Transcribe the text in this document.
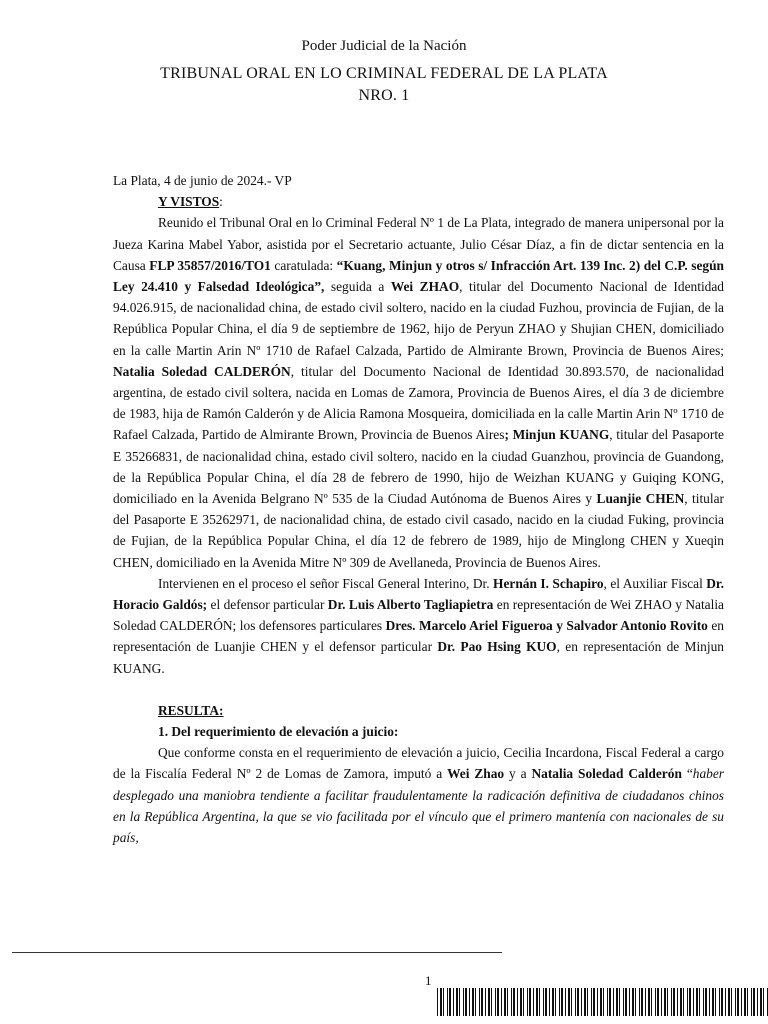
Poder Judicial de la Nación
TRIBUNAL ORAL EN LO CRIMINAL FEDERAL DE LA PLATA
NRO. 1

La Plata, 4 de junio de 2024.- VP

Y VISTOS:

Reunido el Tribunal Oral en lo Criminal Federal Nº 1 de La Plata, integrado de manera unipersonal por la Jueza Karina Mabel Yabor, asistida por el Secretario actuante, Julio César Díaz, a fin de dictar sentencia en la Causa FLP 35857/2016/TO1 caratulada: “Kuang, Minjun y otros s/ Infracción Art. 139 Inc. 2) del C.P. según Ley 24.410 y Falsedad Ideológica”, seguida a Wei ZHAO, titular del Documento Nacional de Identidad 94.026.915, de nacionalidad china, de estado civil soltero, nacido en la ciudad Fuzhou, provincia de Fujian, de la República Popular China, el día 9 de septiembre de 1962, hijo de Peryun ZHAO y Shujian CHEN, domiciliado en la calle Martin Arin Nº 1710 de Rafael Calzada, Partido de Almirante Brown, Provincia de Buenos Aires; Natalia Soledad CALDERÓN, titular del Documento Nacional de Identidad 30.893.570, de nacionalidad argentina, de estado civil soltera, nacida en Lomas de Zamora, Provincia de Buenos Aires, el día 3 de diciembre de 1983, hija de Ramón Calderón y de Alicia Ramona Mosqueira, domiciliada en la calle Martin Arin Nº 1710 de Rafael Calzada, Partido de Almirante Brown, Provincia de Buenos Aires; Minjun KUANG, titular del Pasaporte E 35266831, de nacionalidad china, estado civil soltero, nacido en la ciudad Guanzhou, provincia de Guandong, de la República Popular China, el día 28 de febrero de 1990, hijo de Weizhan KUANG y Guiqing KONG, domiciliado en la Avenida Belgrano Nº 535 de la Ciudad Autónoma de Buenos Aires y Luanjie CHEN, titular del Pasaporte E 35262971, de nacionalidad china, de estado civil casado, nacido en la ciudad Fuking, provincia de Fujian, de la República Popular China, el día 12 de febrero de 1989, hijo de Minglong CHEN y Xueqin CHEN, domiciliado en la Avenida Mitre Nº 309 de Avellaneda, Provincia de Buenos Aires.

Intervienen en el proceso el señor Fiscal General Interino, Dr. Hernán I. Schapiro, el Auxiliar Fiscal Dr. Horacio Galdós; el defensor particular Dr. Luis Alberto Tagliapietra en representación de Wei ZHAO y Natalia Soledad CALDERÓN; los defensores particulares Dres. Marcelo Ariel Figueroa y Salvador Antonio Rovito en representación de Luanjie CHEN y el defensor particular Dr. Pao Hsing KUO, en representación de Minjun KUANG.

RESULTA:

1. Del requerimiento de elevación a juicio:

Que conforme consta en el requerimiento de elevación a juicio, Cecilia Incardona, Fiscal Federal a cargo de la Fiscalía Federal Nº 2 de Lomas de Zamora, imputó a Wei Zhao y a Natalia Soledad Calderón “haber desplegado una maniobra tendiente a facilitar fraudulentamente la radicación definitiva de ciudadanos chinos en la República Argentina, la que se vio facilitada por el vínculo que el primero mantenía con nacionales de su país,

1
